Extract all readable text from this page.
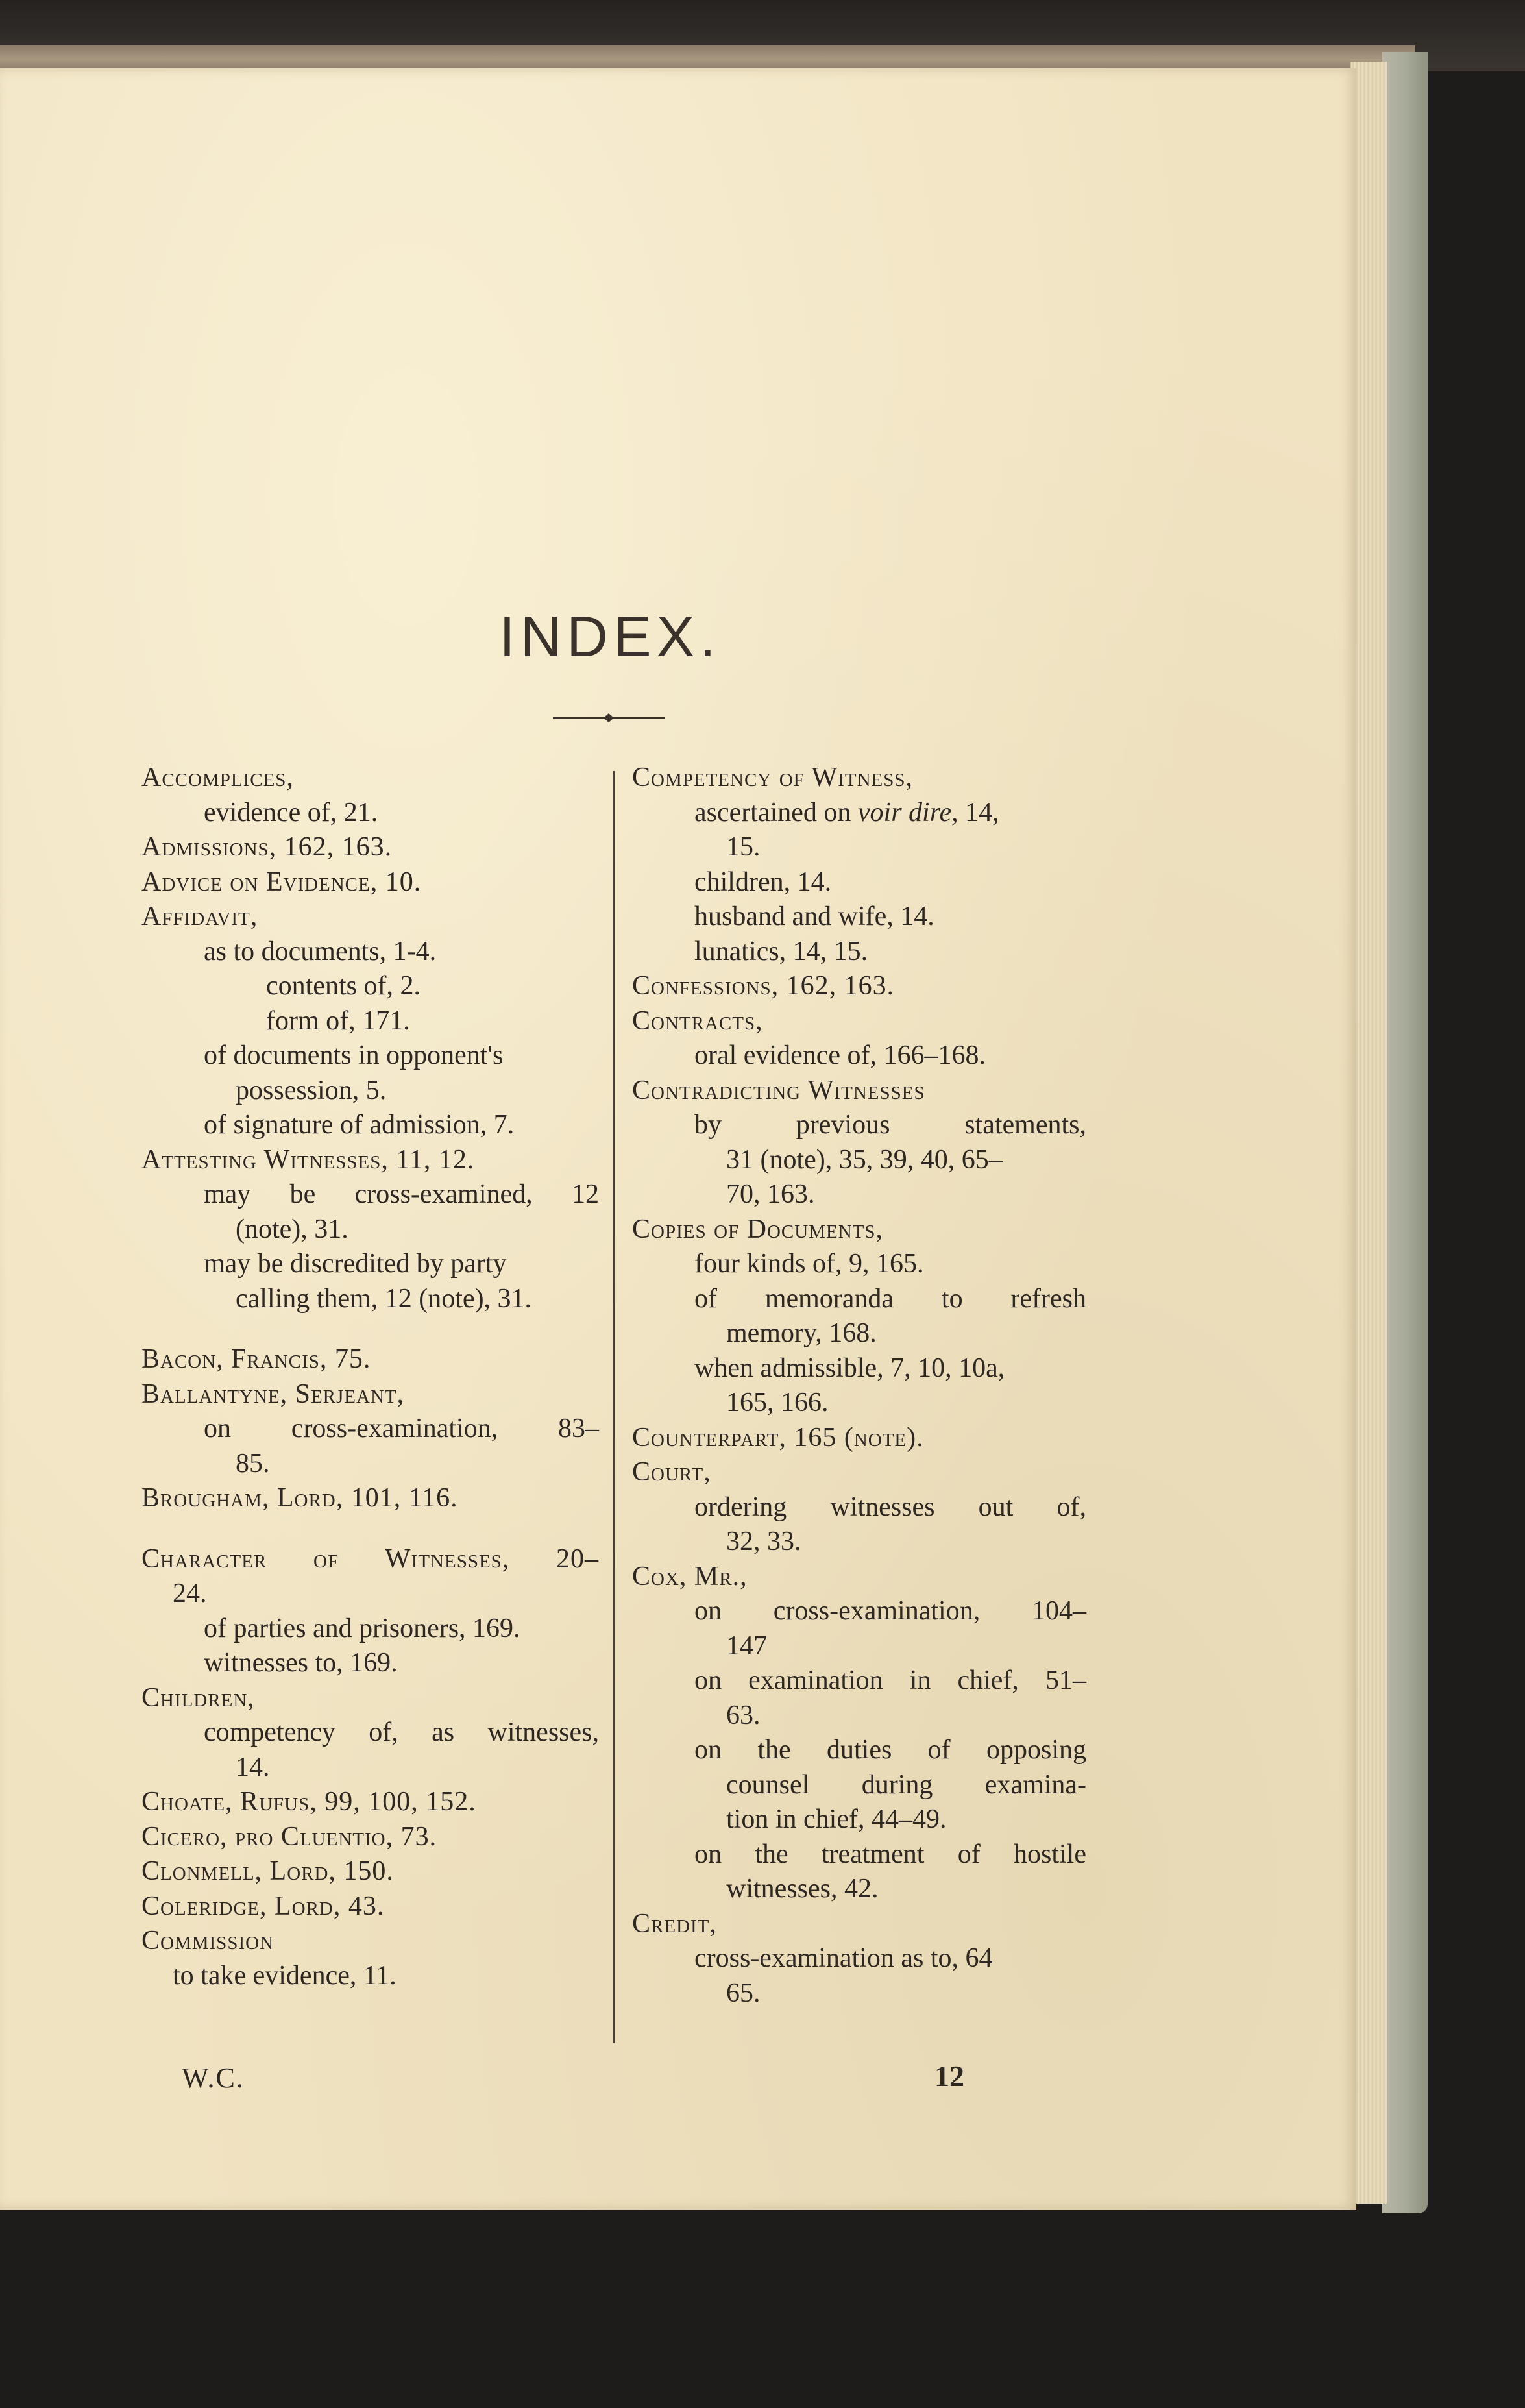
INDEX.
Accomplices,
evidence of, 21.
Admissions, 162, 163.
Advice on Evidence, 10.
Affidavit,
as to documents, 1-4.
contents of, 2.
form of, 171.
of documents in opponent's
possession, 5.
of signature of admission, 7.
Attesting Witnesses, 11, 12.
may be cross-examined, 12
(note), 31.
may be discredited by party
calling them, 12 (note), 31.
Bacon, Francis, 75.
Ballantyne, Serjeant,
on cross-examination, 83–
85.
Brougham, Lord, 101, 116.
Character of Witnesses, 20–
24.
of parties and prisoners, 169.
witnesses to, 169.
Children,
competency of, as witnesses,
14.
Choate, Rufus, 99, 100, 152.
Cicero, pro Cluentio, 73.
Clonmell, Lord, 150.
Coleridge, Lord, 43.
Commission
to take evidence, 11.
Competency of Witness,
ascertained on voir dire, 14,
15.
children, 14.
husband and wife, 14.
lunatics, 14, 15.
Confessions, 162, 163.
Contracts,
oral evidence of, 166–168.
Contradicting Witnesses
by previous statements,
31 (note), 35, 39, 40, 65–
70, 163.
Copies of Documents,
four kinds of, 9, 165.
of memoranda to refresh
memory, 168.
when admissible, 7, 10, 10a,
165, 166.
Counterpart, 165 (note).
Court,
ordering witnesses out of,
32, 33.
Cox, Mr.,
on cross-examination, 104–
147
on examination in chief, 51–
63.
on the duties of opposing
counsel during examina-
tion in chief, 44–49.
on the treatment of hostile
witnesses, 42.
Credit,
cross-examination as to, 64
65.
W.C.	12
